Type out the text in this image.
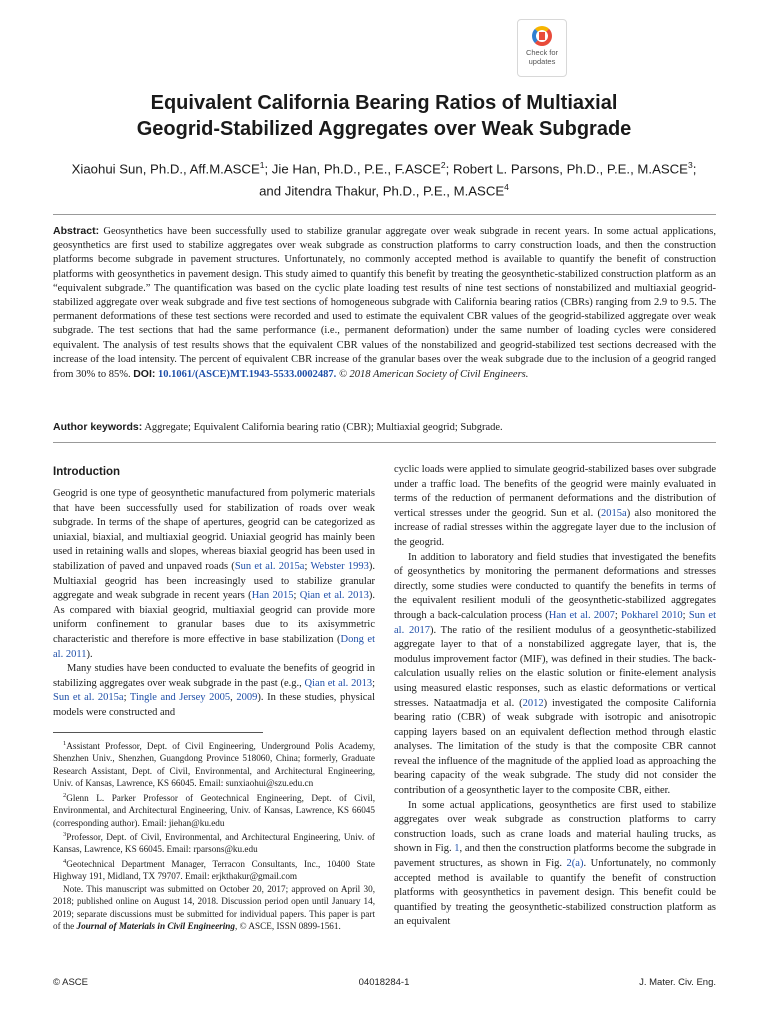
Check for
updates
Equivalent California Bearing Ratios of Multiaxial
Geogrid-Stabilized Aggregates over Weak Subgrade
Xiaohui Sun, Ph.D., Aff.M.ASCE$^1$; Jie Han, Ph.D., P.E., F.ASCE$^2$; Robert L. Parsons, Ph.D., P.E., M.ASCE$^3$;
and Jitendra Thakur, Ph.D., P.E., M.ASCE$^4$
Abstract: Geosynthetics have been successfully used to stabilize granular aggregate over weak subgrade in recent years. In some actual applications, geosynthetics are first used to stabilize aggregates over weak subgrade as construction platforms to carry construction loads, and then the construction platforms become subgrade in pavement structures. Unfortunately, no commonly accepted method is available to quantify the benefit of construction platforms with geosynthetics in pavement design. This study aimed to quantify this benefit by treating the geosynthetic-stabilized construction platform as an “equivalent subgrade.” The quantification was based on the cyclic plate loading test results of nine test sections of nonstabilized and multiaxial geogrid-stabilized aggregate over weak subgrade and five test sections of homogeneous subgrade with California bearing ratios (CBRs) ranging from 2.9 to 9.5. The permanent deformations of these test sections were recorded and used to estimate the equivalent CBR values of the geogrid-stabilized aggregate over weak subgrade. The test sections that had the same performance (i.e., permanent deformation) under the same number of loading cycles were considered equivalent. The analysis of test results shows that the equivalent CBR values of the nonstabilized and geogrid-stabilized test sections decreased with the increase of the load intensity. The percent of equivalent CBR increase of the granular bases over the weak subgrade due to the inclusion of a geogrid ranged from 30% to 85%. DOI: 10.1061/(ASCE)MT.1943-5533.0002487. © 2018 American Society of Civil Engineers.
Author keywords: Aggregate; Equivalent California bearing ratio (CBR); Multiaxial geogrid; Subgrade.
Introduction

Geogrid is one type of geosynthetic manufactured from polymeric materials that have been successfully used for stabilization of roads over weak subgrade. In terms of the shape of apertures, geogrid can be categorized as uniaxial, biaxial, and multiaxial geogrid. Uniaxial geogrid has mainly been used in retaining walls and slopes, whereas biaxial geogrid has been used in stabilization of paved and unpaved roads (Sun et al. 2015a; Webster 1993). Multiaxial geogrid has been increasingly used to stabilize granular aggregate and weak subgrade in recent years (Han 2015; Qian et al. 2013). As compared with biaxial geogrid, multiaxial geogrid can provide more uniform confinement to granular bases due to its axisymmetric characteristic and therefore is more effective in base stabilization (Dong et al. 2011).

Many studies have been conducted to evaluate the benefits of geogrid in stabilizing aggregates over weak subgrade in the past (e.g., Qian et al. 2013; Sun et al. 2015a; Tingle and Jersey 2005, 2009). In these studies, physical models were constructed and

$^1$Assistant Professor, Dept. of Civil Engineering, Underground Polis Academy, Shenzhen Univ., Shenzhen, Guangdong Province 518060, China; formerly, Graduate Research Assistant, Dept. of Civil, Environmental, and Architectural Engineering, Univ. of Kansas, Lawrence, KS 66045. Email: sunxiaohui@szu.edu.cn

$^2$Glenn L. Parker Professor of Geotechnical Engineering, Dept. of Civil, Environmental, and Architectural Engineering, Univ. of Kansas, Lawrence, KS 66045 (corresponding author). Email: jiehan@ku.edu

$^3$Professor, Dept. of Civil, Environmental, and Architectural Engineering, Univ. of Kansas, Lawrence, KS 66045. Email: rparsons@ku.edu

$^4$Geotechnical Department Manager, Terracon Consultants, Inc., 10400 State Highway 191, Midland, TX 79707. Email: erjkthakur@gmail.com

Note. This manuscript was submitted on October 20, 2017; approved on April 30, 2018; published online on August 14, 2018. Discussion period open until January 14, 2019; separate discussions must be submitted for individual papers. This paper is part of the Journal of Materials in Civil Engineering, © ASCE, ISSN 0899-1561.

cyclic loads were applied to simulate geogrid-stabilized bases over subgrade under a traffic load. The benefits of the geogrid were mainly evaluated in terms of the reduction of permanent deformations and the distribution of vertical stresses under the geogrid. Sun et al. (2015a) also monitored the increase of radial stresses within the aggregate layer due to the inclusion of the geogrid.

In addition to laboratory and field studies that investigated the benefits of geosynthetics by monitoring the permanent deformations and stresses directly, some studies were conducted to quantify the benefits in terms of the equivalent resilient moduli of the geosynthetic-stabilized aggregates through a back-calculation process (Han et al. 2007; Pokharel 2010; Sun et al. 2017). The ratio of the resilient modulus of a geosynthetic-stabilized aggregate layer to that of a nonstabilized aggregate layer, that is, the modulus improvement factor (MIF), was defined in their studies. The back-calculation usually relies on the elastic solution or finite-element analysis using measured elastic responses, such as elastic deformations or vertical stresses. Nataatmadja et al. (2012) investigated the composite California bearing ratio (CBR) of weak subgrade with isotropic and anisotropic capping layers based on an equivalent deflection method through elastic analyses. The limitation of the study is that the composite CBR cannot reveal the influence of the magnitude of the applied load as approaching the bearing capacity of the weak subgrade. The study did not consider the contribution of a geosynthetic layer to the composite CBR, either.

In some actual applications, geosynthetics are first used to stabilize aggregates over weak subgrade as construction platforms to carry construction loads, such as crane loads and material hauling trucks, as shown in Fig. 1, and then the construction platforms become the subgrade in pavement structures, as shown in Fig. 2(a). Unfortunately, no commonly accepted method is available to quantify the benefit of construction platforms with geosynthetics in pavement design. This benefit could be quantified by treating the geosynthetic-stabilized construction platform as an equivalent

© ASCE	04018284-1	J. Mater. Civ. Eng.
